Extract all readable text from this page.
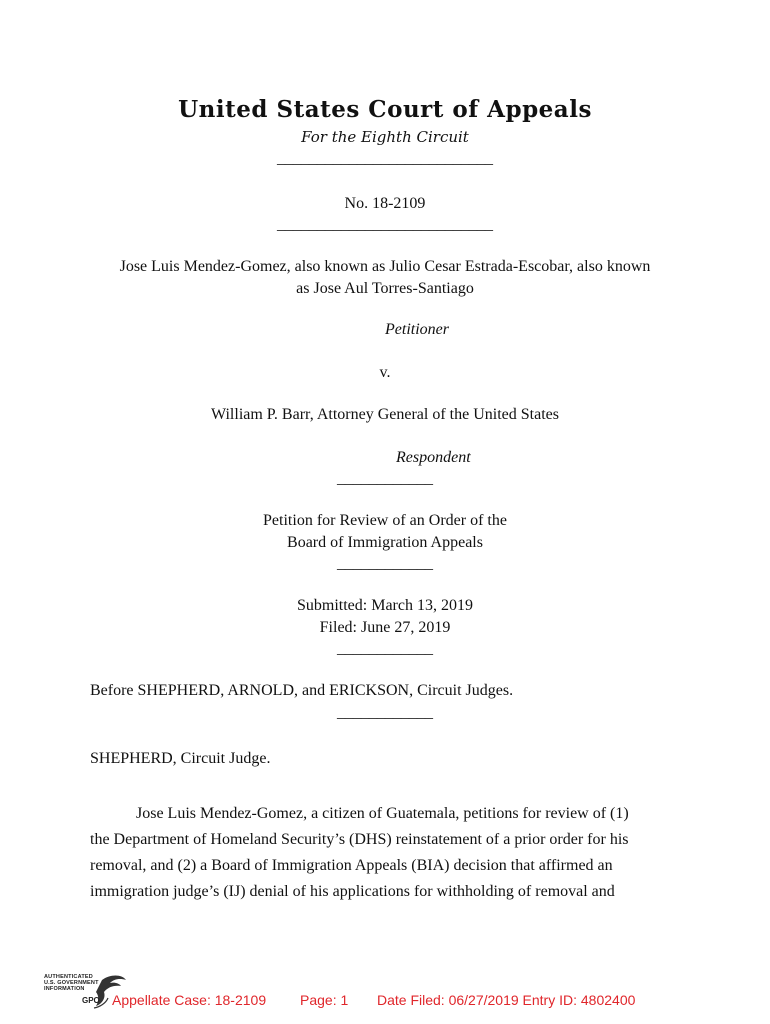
United States Court of Appeals
For the Eighth Circuit
___________________________
No. 18-2109
___________________________
Jose Luis Mendez-Gomez, also known as Julio Cesar Estrada-Escobar, also known
as Jose Aul Torres-Santiago
Petitioner
v.
William P. Barr, Attorney General of the United States
Respondent
____________
Petition for Review of an Order of the
Board of Immigration Appeals
____________
Submitted: March 13, 2019
Filed: June 27, 2019
____________
Before SHEPHERD, ARNOLD, and ERICKSON, Circuit Judges.
____________
SHEPHERD, Circuit Judge.
Jose Luis Mendez-Gomez, a citizen of Guatemala, petitions for review of (1)
the Department of Homeland Security’s (DHS) reinstatement of a prior order for his
removal, and (2) a Board of Immigration Appeals (BIA) decision that affirmed an
immigration judge’s (IJ) denial of his applications for withholding of removal and
AUTHENTICATED
U.S. GOVERNMENT
INFORMATION
GPO Appellate Case: 18-2109 Page: 1 Date Filed: 06/27/2019 Entry ID: 4802400
